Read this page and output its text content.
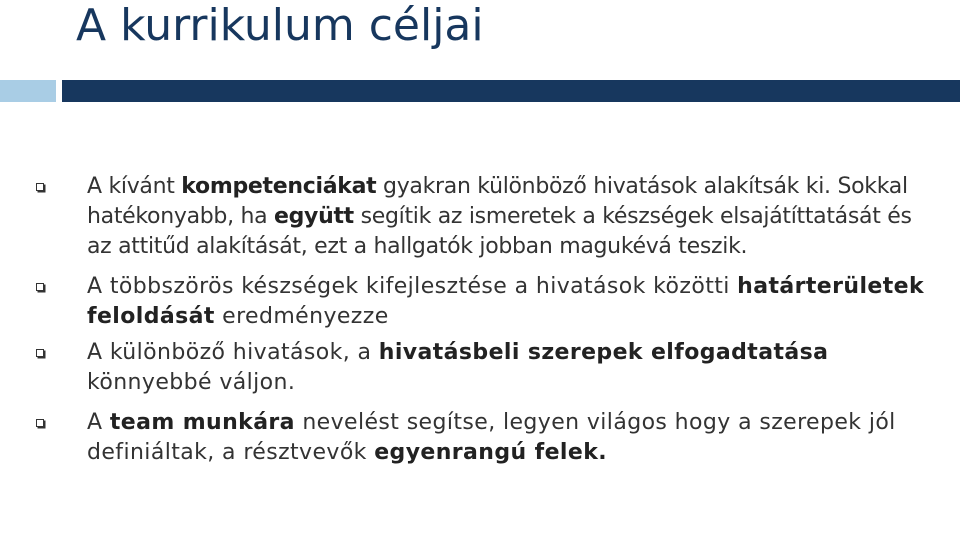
A kurrikulum céljai
A kívánt kompetenciákat gyakran különböző hivatások alakítsák ki. Sokkal hatékonyabb, ha együtt segítik az ismeretek a készségek elsajátíttatását és az attitűd alakítását, ezt a hallgatók jobban magukévá teszik.
A többszörös készségek kifejlesztése a hivatások közötti határterületek feloldását eredményezze
A különböző hivatások, a hivatásbeli szerepek elfogadtatása könnyebbé váljon.
A team munkára nevelést segítse, legyen világos hogy a szerepek jól definiáltak, a résztvevők egyenrangú felek.
